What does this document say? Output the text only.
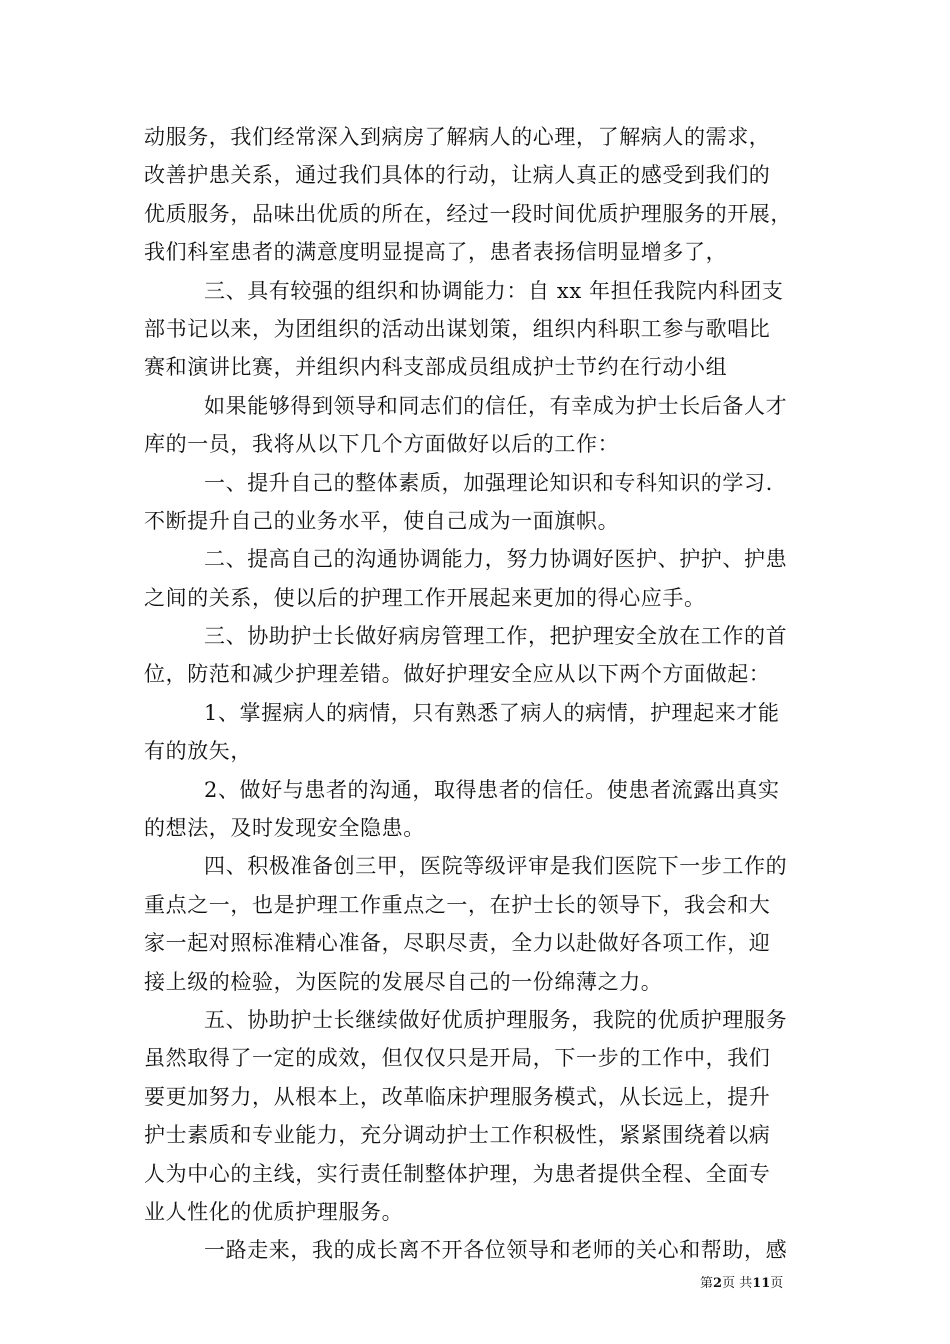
动服务，我们经常深入到病房了解病人的心理，了解病人的需求，
改善护患关系，通过我们具体的行动，让病人真正的感受到我们的
优质服务，品味出优质的所在，经过一段时间优质护理服务的开展，
我们科室患者的满意度明显提高了，患者表扬信明显增多了，
三、具有较强的组织和协调能力：自 xx 年担任我院内科团支
部书记以来，为团组织的活动出谋划策，组织内科职工参与歌唱比
赛和演讲比赛，并组织内科支部成员组成护士节约在行动小组
如果能够得到领导和同志们的信任，有幸成为护士长后备人才
库的一员，我将从以下几个方面做好以后的工作：
一、提升自己的整体素质，加强理论知识和专科知识的学习.
不断提升自己的业务水平，使自己成为一面旗帜。
二、提高自己的沟通协调能力，努力协调好医护、护护、护患
之间的关系，使以后的护理工作开展起来更加的得心应手。
三、协助护士长做好病房管理工作，把护理安全放在工作的首
位，防范和减少护理差错。做好护理安全应从以下两个方面做起：
1、掌握病人的病情，只有熟悉了病人的病情，护理起来才能
有的放矢，
2、做好与患者的沟通，取得患者的信任。使患者流露出真实
的想法，及时发现安全隐患。
四、积极准备创三甲，医院等级评审是我们医院下一步工作的
重点之一，也是护理工作重点之一，在护士长的领导下，我会和大
家一起对照标准精心准备，尽职尽责，全力以赴做好各项工作，迎
接上级的检验，为医院的发展尽自己的一份绵薄之力。
五、协助护士长继续做好优质护理服务，我院的优质护理服务
虽然取得了一定的成效，但仅仅只是开局，下一步的工作中，我们
要更加努力，从根本上，改革临床护理服务模式，从长远上，提升
护士素质和专业能力，充分调动护士工作积极性，紧紧围绕着以病
人为中心的主线，实行责任制整体护理，为患者提供全程、全面专
业人性化的优质护理服务。
一路走来，我的成长离不开各位领导和老师的关心和帮助，感
第2页 共11页
